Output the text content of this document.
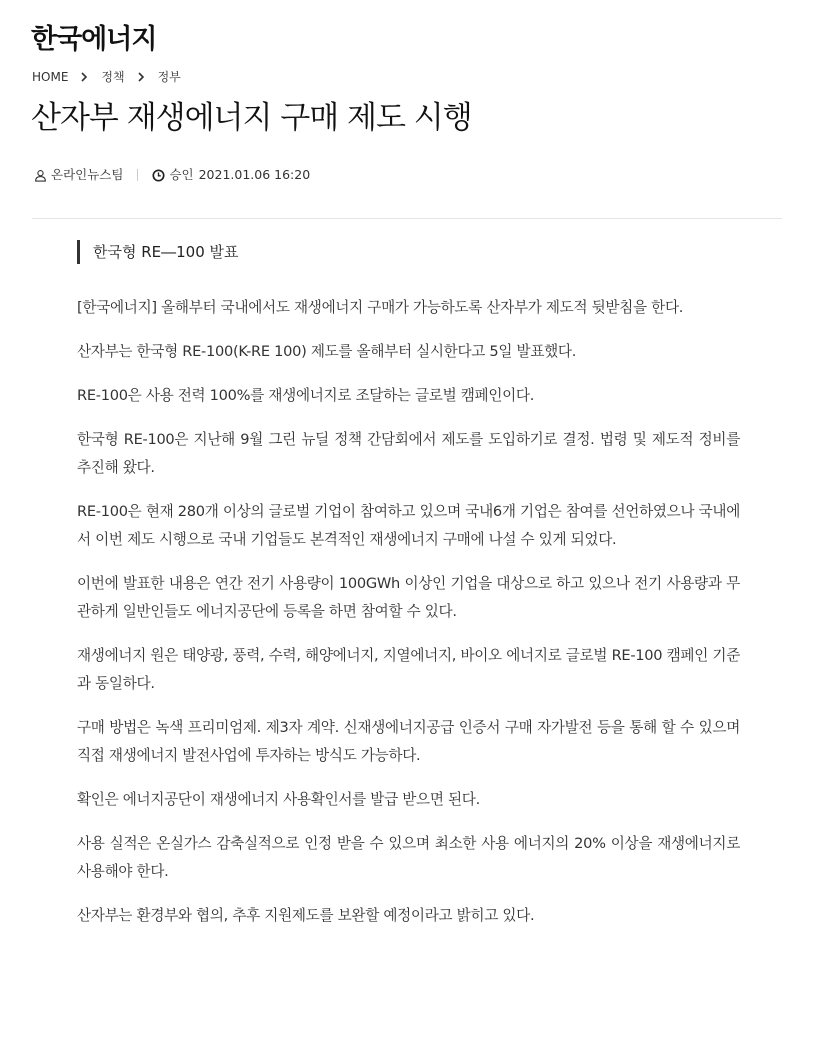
한국에너지
HOME	정책	정부
산자부 재생에너지 구매 제도 시행
온라인뉴스팀	승인 2021.01.06 16:20
한국형 RE―100 발표

[한국에너지] 올해부터 국내에서도 재생에너지 구매가 가능하도록 산자부가 제도적 뒷받침을 한다.

산자부는 한국형 RE-100(K-RE 100) 제도를 올해부터 실시한다고 5일 발표했다.

RE-100은 사용 전력 100%를 재생에너지로 조달하는 글로벌 캠페인이다.

한국형 RE-100은 지난해 9월 그린 뉴딜 정책 간담회에서 제도를 도입하기로 결정. 법령 및 제도적 정비를 추진해 왔다.

RE-100은 현재 280개 이상의 글로벌 기업이 참여하고 있으며 국내6개 기업은 참여를 선언하였으나 국내에서 이번 제도 시행으로 국내 기업들도 본격적인 재생에너지 구매에 나설 수 있게 되었다.

이번에 발표한 내용은 연간 전기 사용량이 100GWh 이상인 기업을 대상으로 하고 있으나 전기 사용량과 무관하게 일반인들도 에너지공단에 등록을 하면 참여할 수 있다.

재생에너지 원은 태양광, 풍력, 수력, 해양에너지, 지열에너지, 바이오 에너지로 글로벌 RE-100 캠페인 기준과 동일하다.

구매 방법은 녹색 프리미엄제. 제3자 계약. 신재생에너지공급 인증서 구매 자가발전 등을 통해 할 수 있으며 직접 재생에너지 발전사업에 투자하는 방식도 가능하다.

확인은 에너지공단이 재생에너지 사용확인서를 발급 받으면 된다.

사용 실적은 온실가스 감축실적으로 인정 받을 수 있으며 최소한 사용 에너지의 20% 이상을 재생에너지로 사용해야 한다.

산자부는 환경부와 협의, 추후 지원제도를 보완할 예정이라고 밝히고 있다.
